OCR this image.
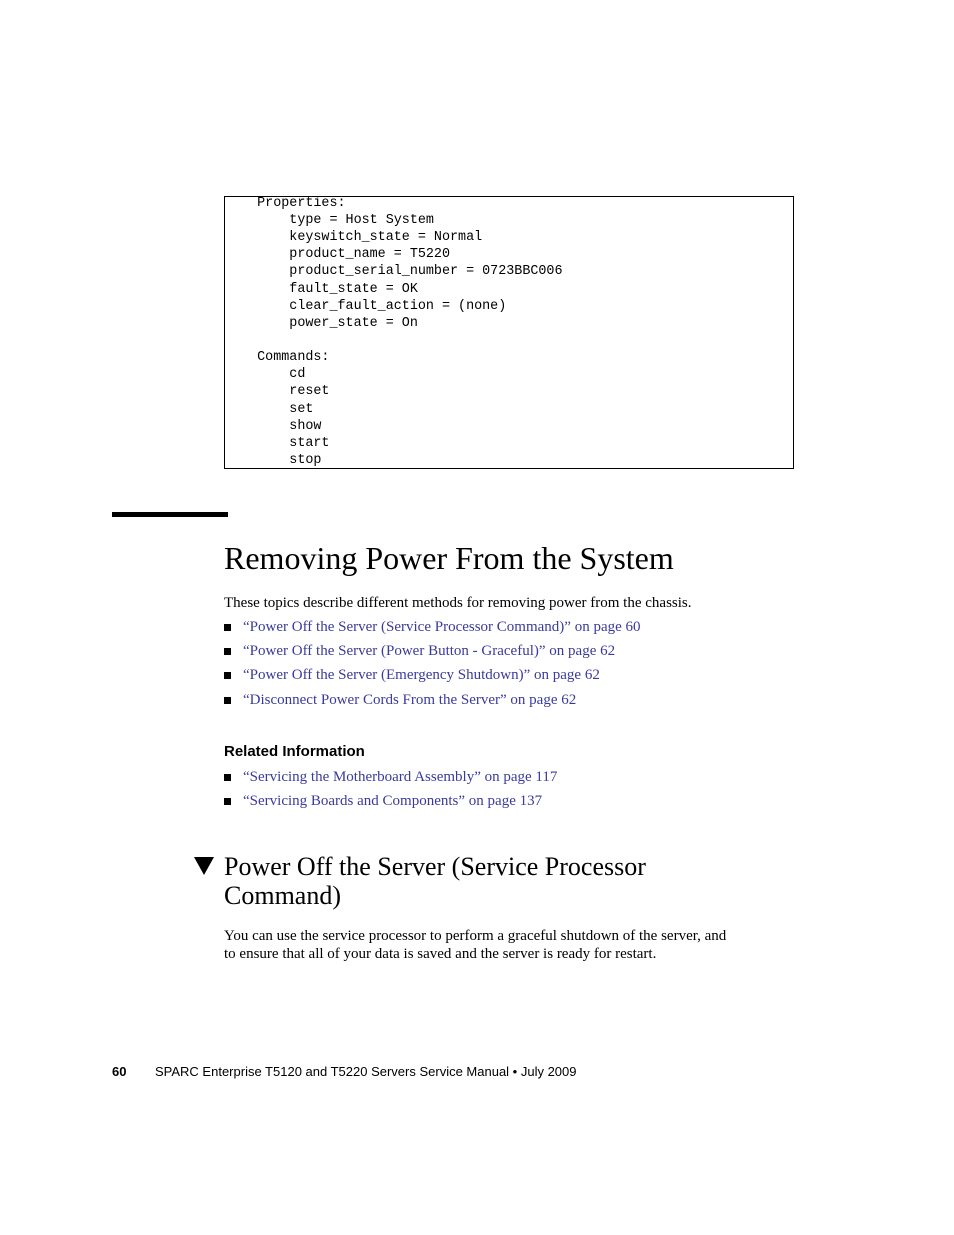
Properties:
type = Host System
keyswitch_state = Normal
product_name = T5220
product_serial_number = 0723BBC006
fault_state = OK
clear_fault_action = (none)
power_state = On
Commands:
cd
reset
set
show
start
stop
Removing Power From the System
These topics describe different methods for removing power from the chassis.
“Power Off the Server (Service Processor Command)” on page 60
“Power Off the Server (Power Button - Graceful)” on page 62
“Power Off the Server (Emergency Shutdown)” on page 62
“Disconnect Power Cords From the Server” on page 62
Related Information
“Servicing the Motherboard Assembly” on page 117
“Servicing Boards and Components” on page 137
Power Off the Server (Service Processor
Command)
You can use the service processor to perform a graceful shutdown of the server, and
to ensure that all of your data is saved and the server is ready for restart.
60 SPARC Enterprise T5120 and T5220 Servers Service Manual • July 2009
